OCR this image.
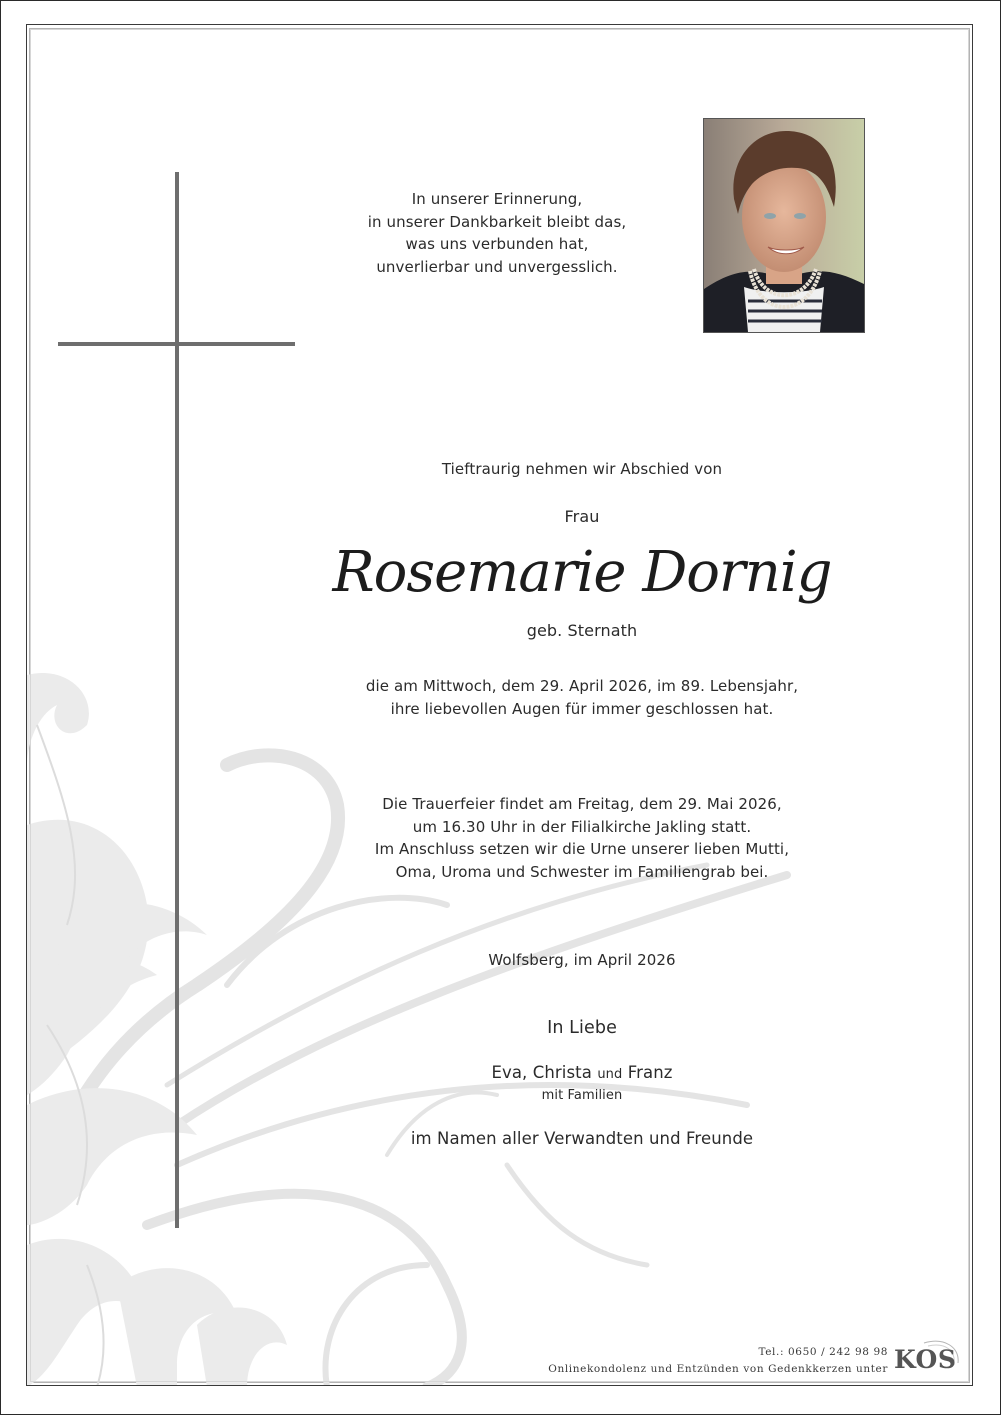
In unserer Erinnerung,
in unserer Dankbarkeit bleibt das,
was uns verbunden hat,
unverlierbar und unvergesslich.
Tieftraurig nehmen wir Abschied von
Frau
Rosemarie Dornig
geb. Sternath
die am Mittwoch, dem 29. April 2026, im 89. Lebensjahr,
ihre liebevollen Augen für immer geschlossen hat.
Die Trauerfeier findet am Freitag, dem 29. Mai 2026,
um 16.30 Uhr in der Filialkirche Jakling statt.
Im Anschluss setzen wir die Urne unserer lieben Mutti,
Oma, Uroma und Schwester im Familiengrab bei.
Wolfsberg, im April 2026
In Liebe
Eva, Christa und Franz
mit Familien
im Namen aller Verwandten und Freunde
Tel.: 0650 / 242 98 98
Onlinekondolenz und Entzünden von Gedenkkerzen unter KOS
